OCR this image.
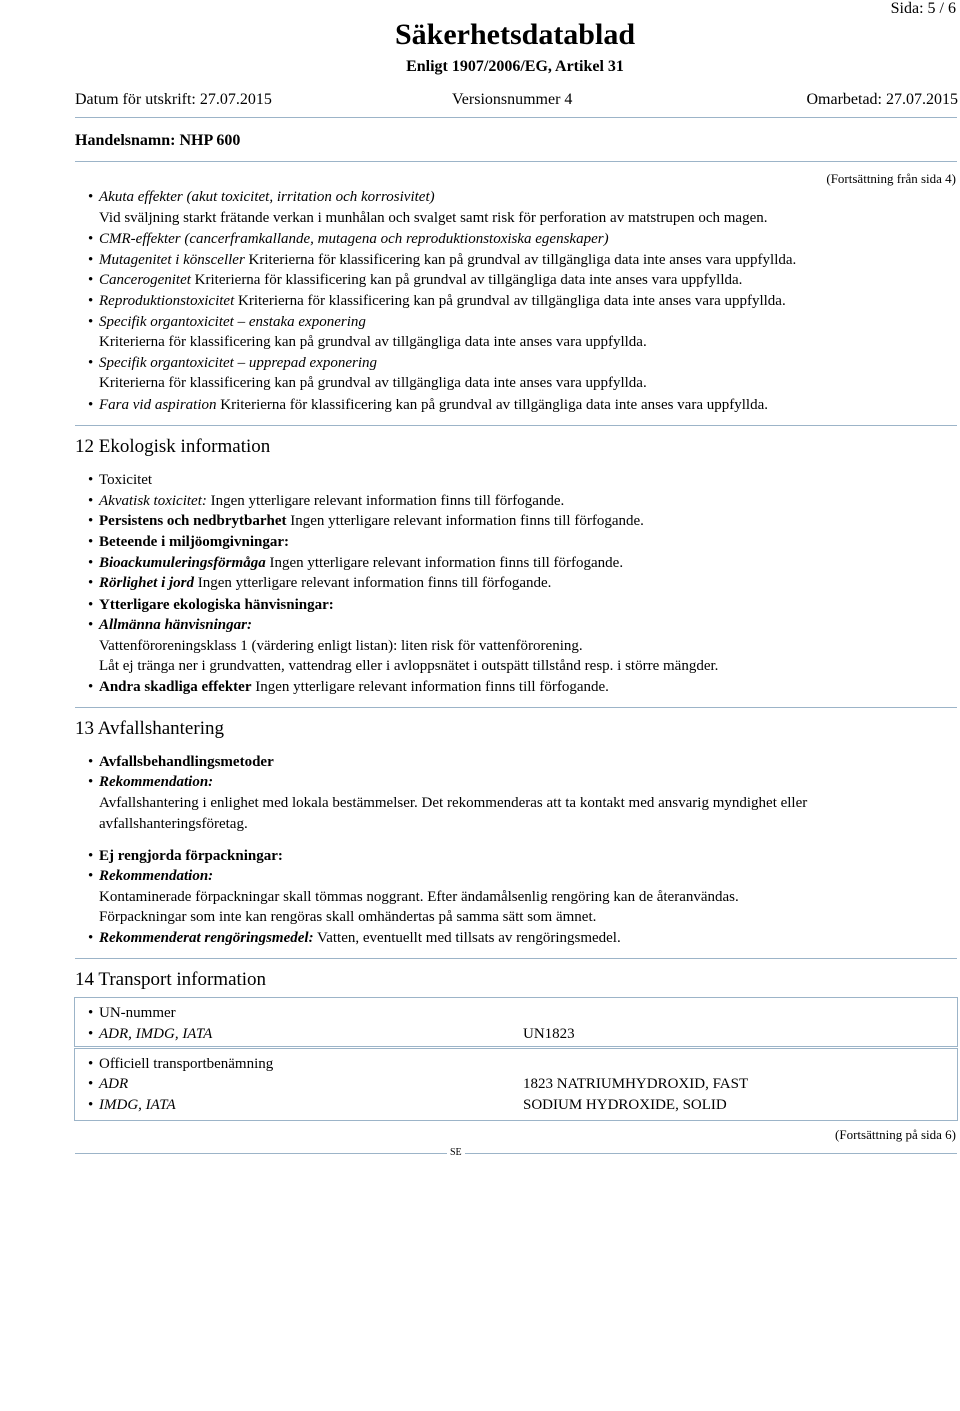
Sida: 5 / 6
Säkerhetsdatablad
Enligt 1907/2006/EG, Artikel 31
Datum för utskrift: 27.07.2015	Versionsnummer 4	Omarbetad: 27.07.2015
Handelsnamn: NHP 600
(Fortsättning från sida 4)
• Akuta effekter (akut toxicitet, irritation och korrosivitet)
Vid sväljning starkt frätande verkan i munhålan och svalget samt risk för perforation av matstrupen och magen.
• CMR-effekter (cancerframkallande, mutagena och reproduktionstoxiska egenskaper)
• Mutagenitet i könsceller Kriterierna för klassificering kan på grundval av tillgängliga data inte anses vara uppfyllda.
• Cancerogenitet Kriterierna för klassificering kan på grundval av tillgängliga data inte anses vara uppfyllda.
• Reproduktionstoxicitet Kriterierna för klassificering kan på grundval av tillgängliga data inte anses vara uppfyllda.
• Specifik organtoxicitet – enstaka exponering
Kriterierna för klassificering kan på grundval av tillgängliga data inte anses vara uppfyllda.
• Specifik organtoxicitet – upprepad exponering
Kriterierna för klassificering kan på grundval av tillgängliga data inte anses vara uppfyllda.
• Fara vid aspiration Kriterierna för klassificering kan på grundval av tillgängliga data inte anses vara uppfyllda.
12 Ekologisk information
• Toxicitet
• Akvatisk toxicitet: Ingen ytterligare relevant information finns till förfogande.
• Persistens och nedbrytbarhet Ingen ytterligare relevant information finns till förfogande.
• Beteende i miljöomgivningar:
• Bioackumuleringsförmåga Ingen ytterligare relevant information finns till förfogande.
• Rörlighet i jord Ingen ytterligare relevant information finns till förfogande.
• Ytterligare ekologiska hänvisningar:
• Allmänna hänvisningar:
Vattenföroreningsklass 1 (värdering enligt listan): liten risk för vattenförorening.
Låt ej tränga ner i grundvatten, vattendrag eller i avloppsnätet i outspätt tillstånd resp. i större mängder.
• Andra skadliga effekter Ingen ytterligare relevant information finns till förfogande.
13 Avfallshantering
• Avfallsbehandlingsmetoder
• Rekommendation:
Avfallshantering i enlighet med lokala bestämmelser. Det rekommenderas att ta kontakt med ansvarig myndighet eller
avfallshanteringsföretag.
• Ej rengjorda förpackningar:
• Rekommendation:
Kontaminerade förpackningar skall tömmas noggrant. Efter ändamålsenlig rengöring kan de återanvändas.
Förpackningar som inte kan rengöras skall omhändertas på samma sätt som ämnet.
• Rekommenderat rengöringsmedel: Vatten, eventuellt med tillsats av rengöringsmedel.
14 Transport information
• UN-nummer
• ADR, IMDG, IATA	UN1823
• Officiell transportbenämning
• ADR	1823 NATRIUMHYDROXID, FAST
• IMDG, IATA	SODIUM HYDROXIDE, SOLID
(Fortsättning på sida 6)
SE
